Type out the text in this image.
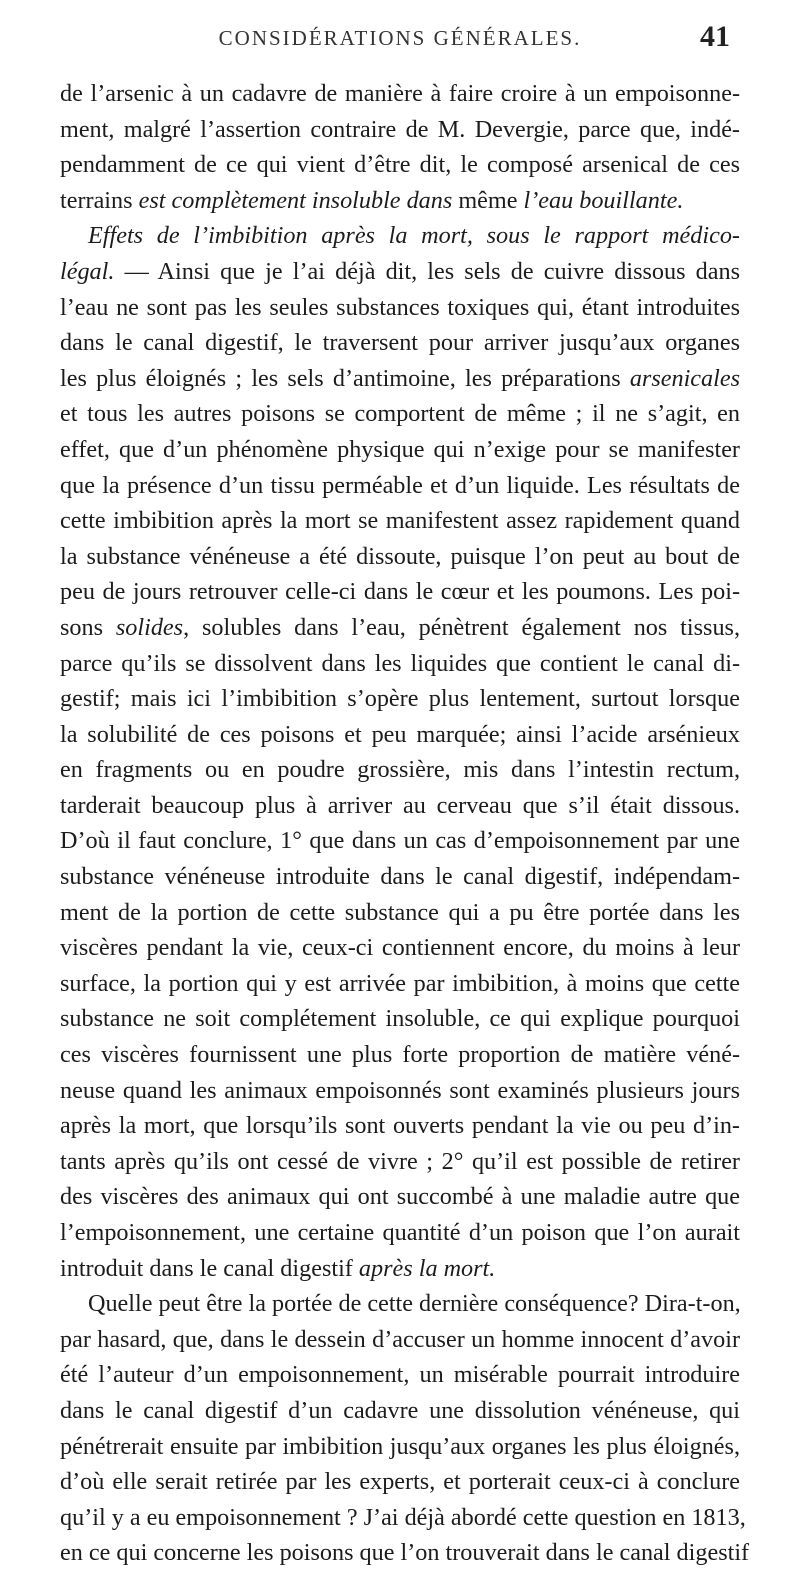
CONSIDÉRATIONS GÉNÉRALES.	41
de l’arsenic à un cadavre de manière à faire croire à un empoisonne-
ment, malgré l’assertion contraire de M. Devergie, parce que, indé-
pendamment de ce qui vient d’être dit, le composé arsenical de ces
terrains est complètement insoluble dans même l’eau bouillante.
Effets de l’imbibition après la mort, sous le rapport médico-
légal. — Ainsi que je l’ai déjà dit, les sels de cuivre dissous dans
l’eau ne sont pas les seules substances toxiques qui, étant introduites
dans le canal digestif, le traversent pour arriver jusqu’aux organes
les plus éloignés ; les sels d’antimoine, les préparations arsenicales
et tous les autres poisons se comportent de même ; il ne s’agit, en
effet, que d’un phénomène physique qui n’exige pour se manifester
que la présence d’un tissu perméable et d’un liquide. Les résultats de
cette imbibition après la mort se manifestent assez rapidement quand
la substance vénéneuse a été dissoute, puisque l’on peut au bout de
peu de jours retrouver celle-ci dans le cœur et les poumons. Les poi-
sons solides, solubles dans l’eau, pénètrent également nos tissus,
parce qu’ils se dissolvent dans les liquides que contient le canal di-
gestif; mais ici l’imbibition s’opère plus lentement, surtout lorsque
la solubilité de ces poisons et peu marquée; ainsi l’acide arsénieux
en fragments ou en poudre grossière, mis dans l’intestin rectum,
tarderait beaucoup plus à arriver au cerveau que s’il était dissous.
D’où il faut conclure, 1° que dans un cas d’empoisonnement par une
substance vénéneuse introduite dans le canal digestif, indépendam-
ment de la portion de cette substance qui a pu être portée dans les
viscères pendant la vie, ceux-ci contiennent encore, du moins à leur
surface, la portion qui y est arrivée par imbibition, à moins que cette
substance ne soit complétement insoluble, ce qui explique pourquoi
ces viscères fournissent une plus forte proportion de matière véné-
neuse quand les animaux empoisonnés sont examinés plusieurs jours
après la mort, que lorsqu’ils sont ouverts pendant la vie ou peu d’in-
tants après qu’ils ont cessé de vivre ; 2° qu’il est possible de retirer
des viscères des animaux qui ont succombé à une maladie autre que
l’empoisonnement, une certaine quantité d’un poison que l’on aurait
introduit dans le canal digestif après la mort.
Quelle peut être la portée de cette dernière conséquence? Dira-t-on,
par hasard, que, dans le dessein d’accuser un homme innocent d’avoir
été l’auteur d’un empoisonnement, un misérable pourrait introduire
dans le canal digestif d’un cadavre une dissolution vénéneuse, qui
pénétrerait ensuite par imbibition jusqu’aux organes les plus éloignés,
d’où elle serait retirée par les experts, et porterait ceux-ci à conclure
qu’il y a eu empoisonnement ? J’ai déjà abordé cette question en 1813,
en ce qui concerne les poisons que l’on trouverait dans le canal digestif
